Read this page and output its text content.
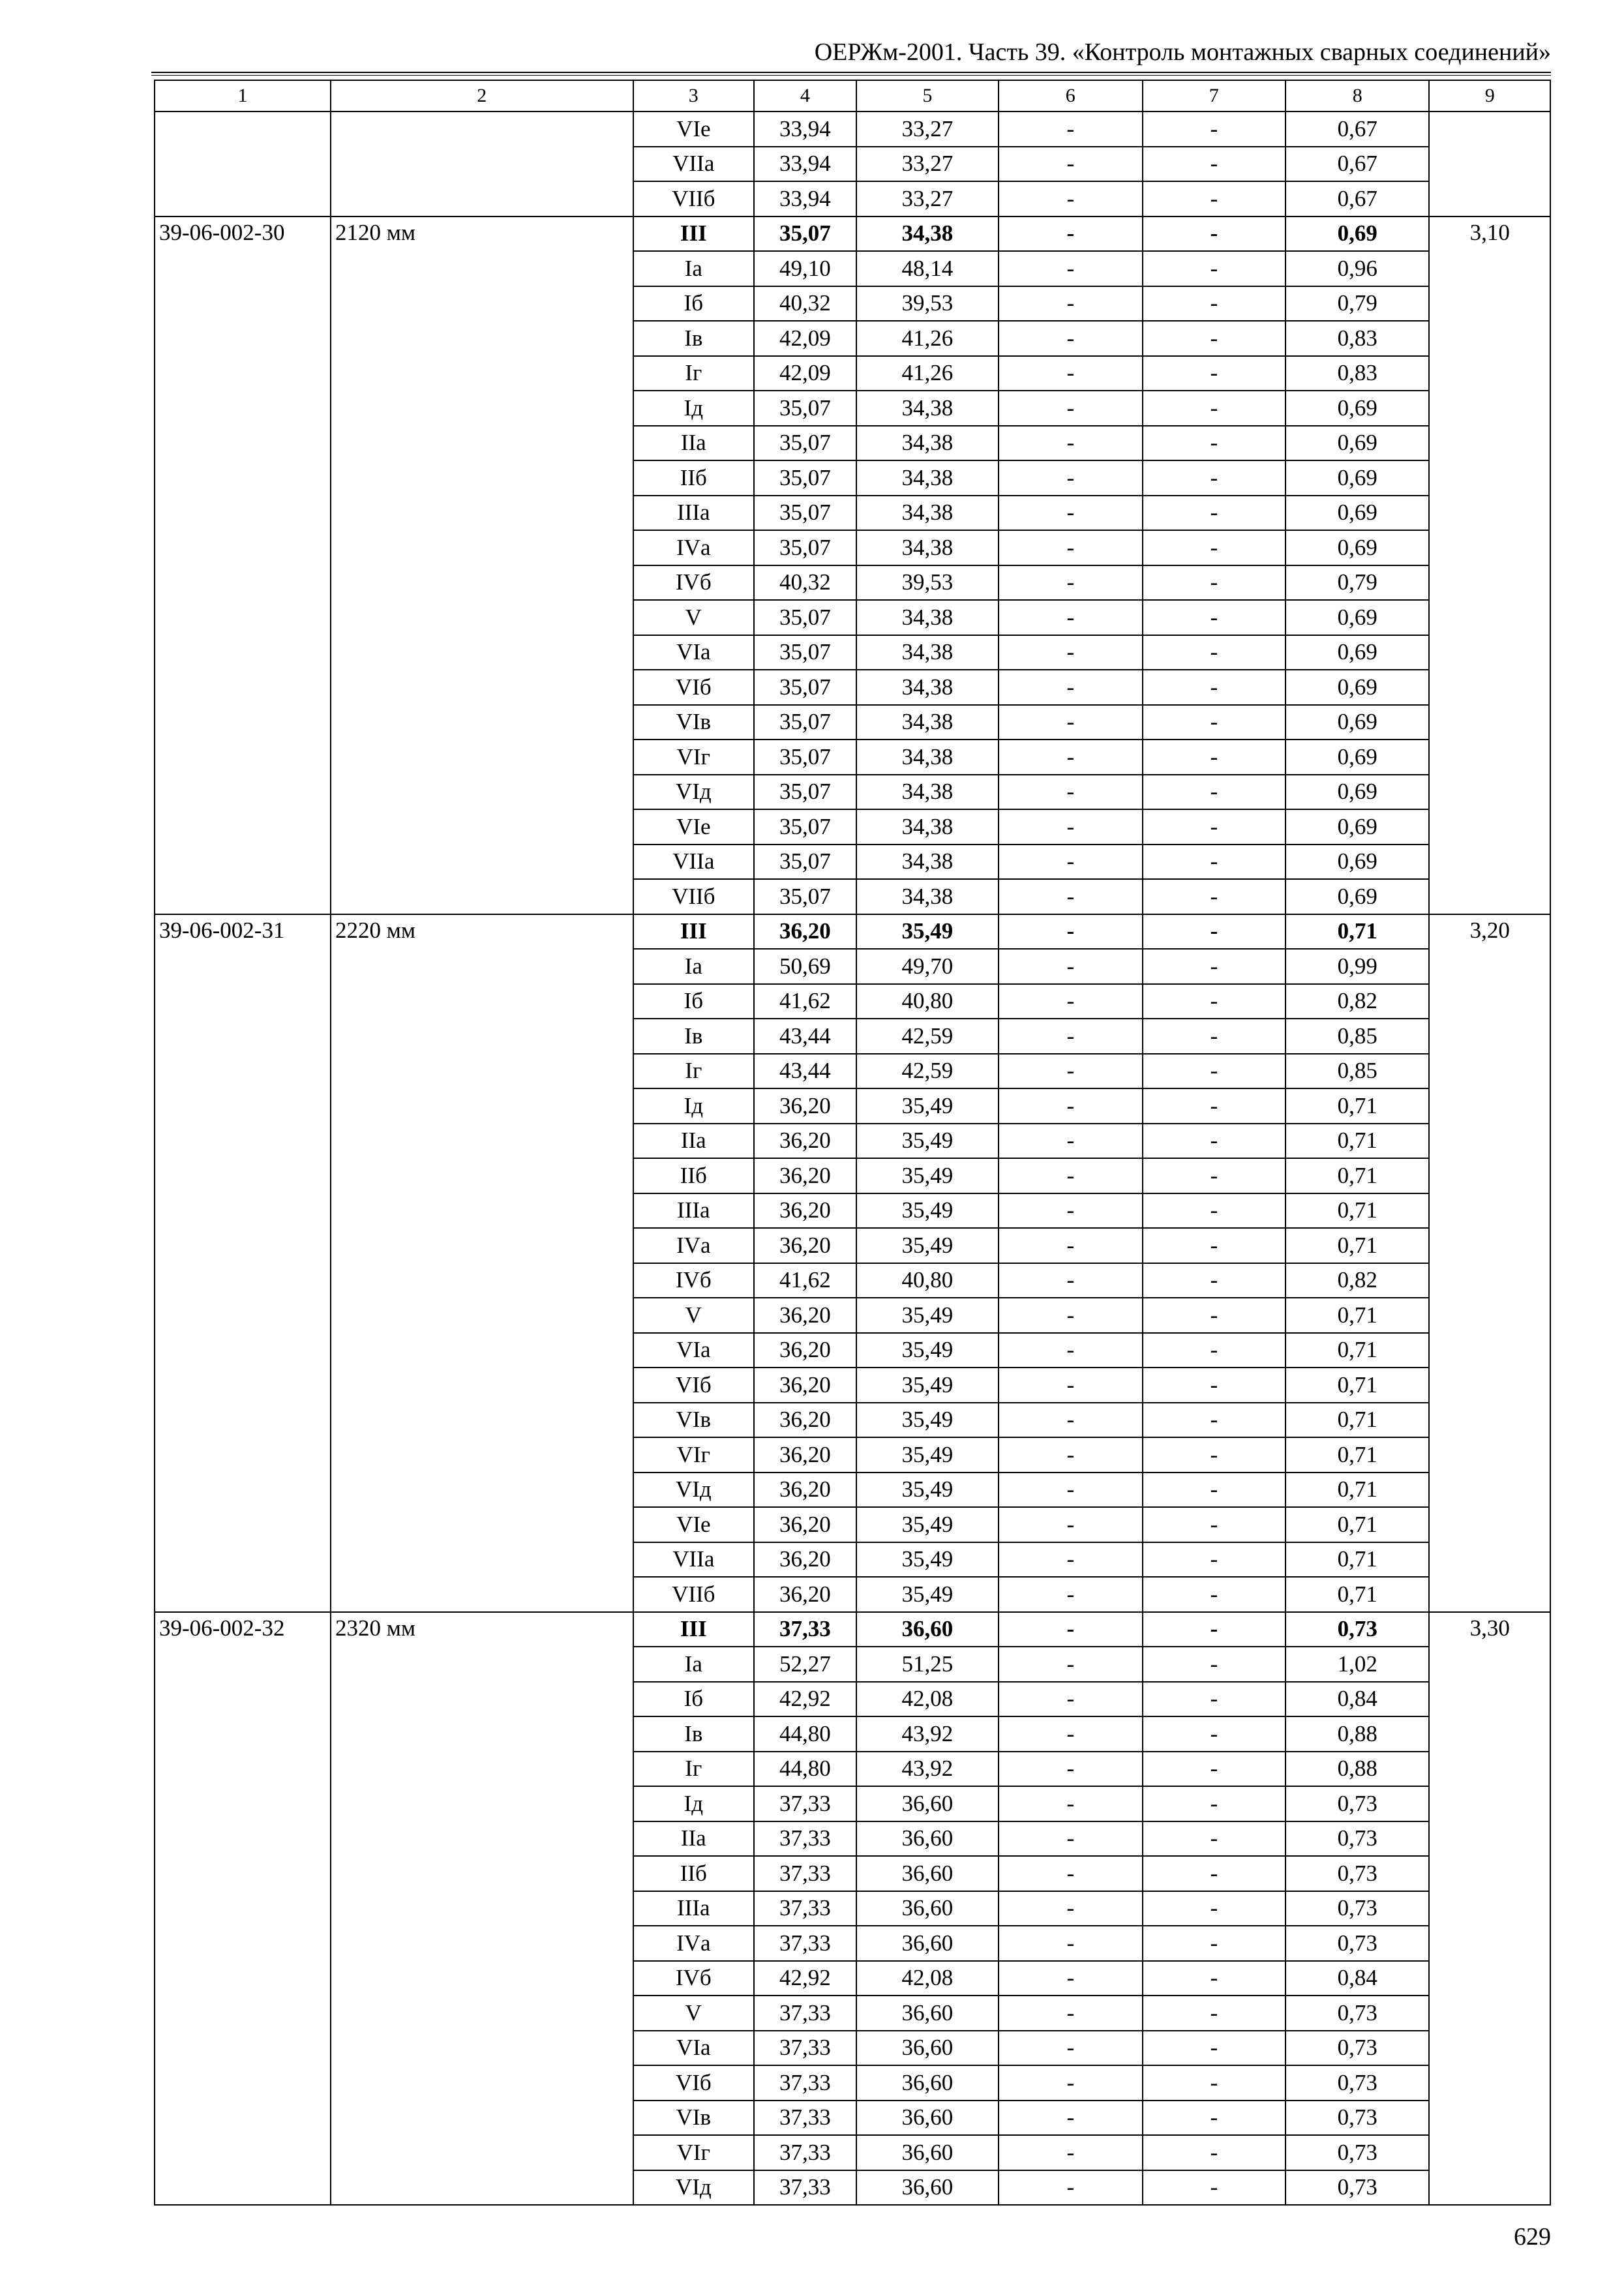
ОЕРЖм-2001. Часть 39. «Контроль монтажных сварных соединений»
1	2	3	4	5	6	7	8	9
		VIе	33,94	33,27	-	-	0,67	
		VIIа	33,94	33,27	-	-	0,67	
		VIIб	33,94	33,27	-	-	0,67	
39-06-002-30	2120 мм	III	35,07	34,38	-	-	0,69	3,10
		Iа	49,10	48,14	-	-	0,96	
		Iб	40,32	39,53	-	-	0,79	
		Iв	42,09	41,26	-	-	0,83	
		Iг	42,09	41,26	-	-	0,83	
		Iд	35,07	34,38	-	-	0,69	
		IIа	35,07	34,38	-	-	0,69	
		IIб	35,07	34,38	-	-	0,69	
		IIIа	35,07	34,38	-	-	0,69	
		IVа	35,07	34,38	-	-	0,69	
		IVб	40,32	39,53	-	-	0,79	
		V	35,07	34,38	-	-	0,69	
		VIа	35,07	34,38	-	-	0,69	
		VIб	35,07	34,38	-	-	0,69	
		VIв	35,07	34,38	-	-	0,69	
		VIг	35,07	34,38	-	-	0,69	
		VIд	35,07	34,38	-	-	0,69	
		VIе	35,07	34,38	-	-	0,69	
		VIIа	35,07	34,38	-	-	0,69	
		VIIб	35,07	34,38	-	-	0,69	
39-06-002-31	2220 мм	III	36,20	35,49	-	-	0,71	3,20
		Iа	50,69	49,70	-	-	0,99	
		Iб	41,62	40,80	-	-	0,82	
		Iв	43,44	42,59	-	-	0,85	
		Iг	43,44	42,59	-	-	0,85	
		Iд	36,20	35,49	-	-	0,71	
		IIа	36,20	35,49	-	-	0,71	
		IIб	36,20	35,49	-	-	0,71	
		IIIа	36,20	35,49	-	-	0,71	
		IVа	36,20	35,49	-	-	0,71	
		IVб	41,62	40,80	-	-	0,82	
		V	36,20	35,49	-	-	0,71	
		VIа	36,20	35,49	-	-	0,71	
		VIб	36,20	35,49	-	-	0,71	
		VIв	36,20	35,49	-	-	0,71	
		VIг	36,20	35,49	-	-	0,71	
		VIд	36,20	35,49	-	-	0,71	
		VIе	36,20	35,49	-	-	0,71	
		VIIа	36,20	35,49	-	-	0,71	
		VIIб	36,20	35,49	-	-	0,71	
39-06-002-32	2320 мм	III	37,33	36,60	-	-	0,73	3,30
		Iа	52,27	51,25	-	-	1,02	
		Iб	42,92	42,08	-	-	0,84	
		Iв	44,80	43,92	-	-	0,88	
		Iг	44,80	43,92	-	-	0,88	
		Iд	37,33	36,60	-	-	0,73	
		IIа	37,33	36,60	-	-	0,73	
		IIб	37,33	36,60	-	-	0,73	
		IIIа	37,33	36,60	-	-	0,73	
		IVа	37,33	36,60	-	-	0,73	
		IVб	42,92	42,08	-	-	0,84	
		V	37,33	36,60	-	-	0,73	
		VIа	37,33	36,60	-	-	0,73	
		VIб	37,33	36,60	-	-	0,73	
		VIв	37,33	36,60	-	-	0,73	
		VIг	37,33	36,60	-	-	0,73	
		VIд	37,33	36,60	-	-	0,73	
629
